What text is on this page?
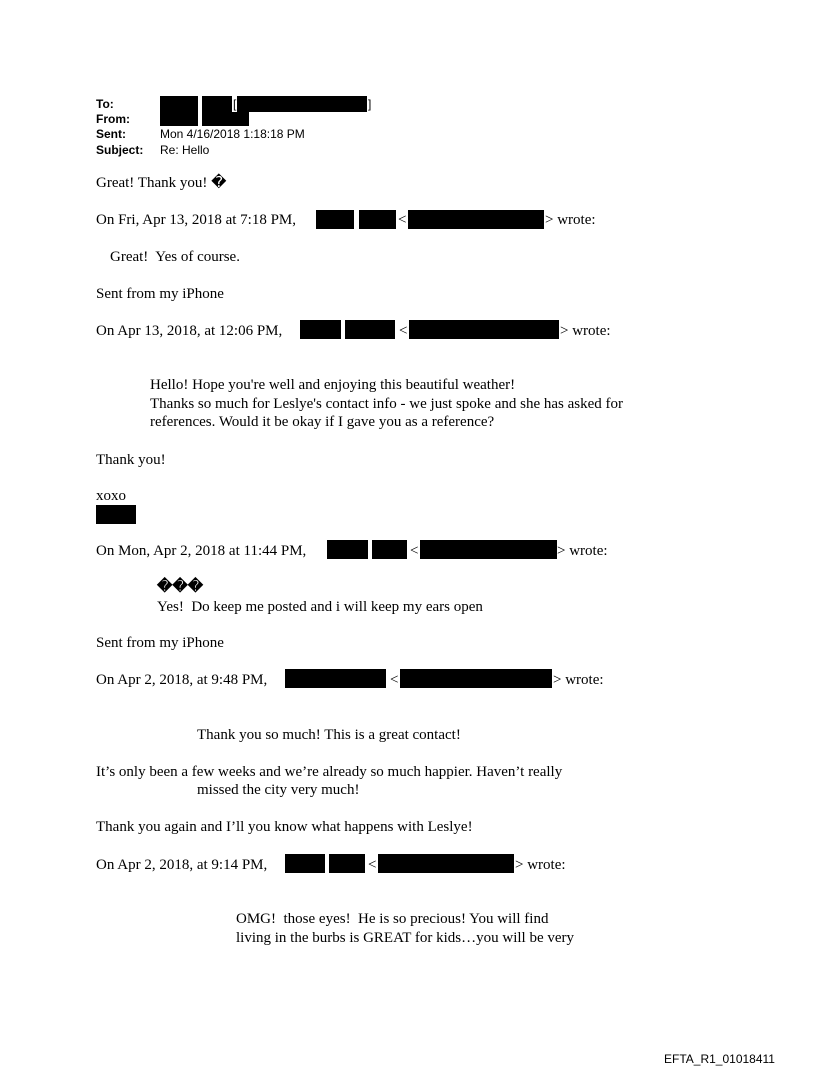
To:	[	]
From:
Sent:	Mon 4/16/2018 1:18:18 PM
Subject: Re: Hello
Great! Thank you! �
On Fri, Apr 13, 2018 at 7:18 PM,	<	> wrote:
Great!  Yes of course.
Sent from my iPhone
On Apr 13, 2018, at 12:06 PM,	<	> wrote:
Hello! Hope you're well and enjoying this beautiful weather!
Thanks so much for Leslye's contact info - we just spoke and she has asked for
references. Would it be okay if I gave you as a reference?
Thank you!
xoxo
On Mon, Apr 2, 2018 at 11:44 PM,	<	> wrote:
���
Yes!  Do keep me posted and i will keep my ears open
Sent from my iPhone
On Apr 2, 2018, at 9:48 PM,	<	> wrote:
Thank you so much! This is a great contact!
It’s only been a few weeks and we’re already so much happier. Haven’t really
missed the city very much!
Thank you again and I’ll you know what happens with Leslye!
On Apr 2, 2018, at 9:14 PM,	<	> wrote:
OMG!  those eyes!  He is so precious! You will find
living in the burbs is GREAT for kids…you will be very
EFTA_R1_01018411
